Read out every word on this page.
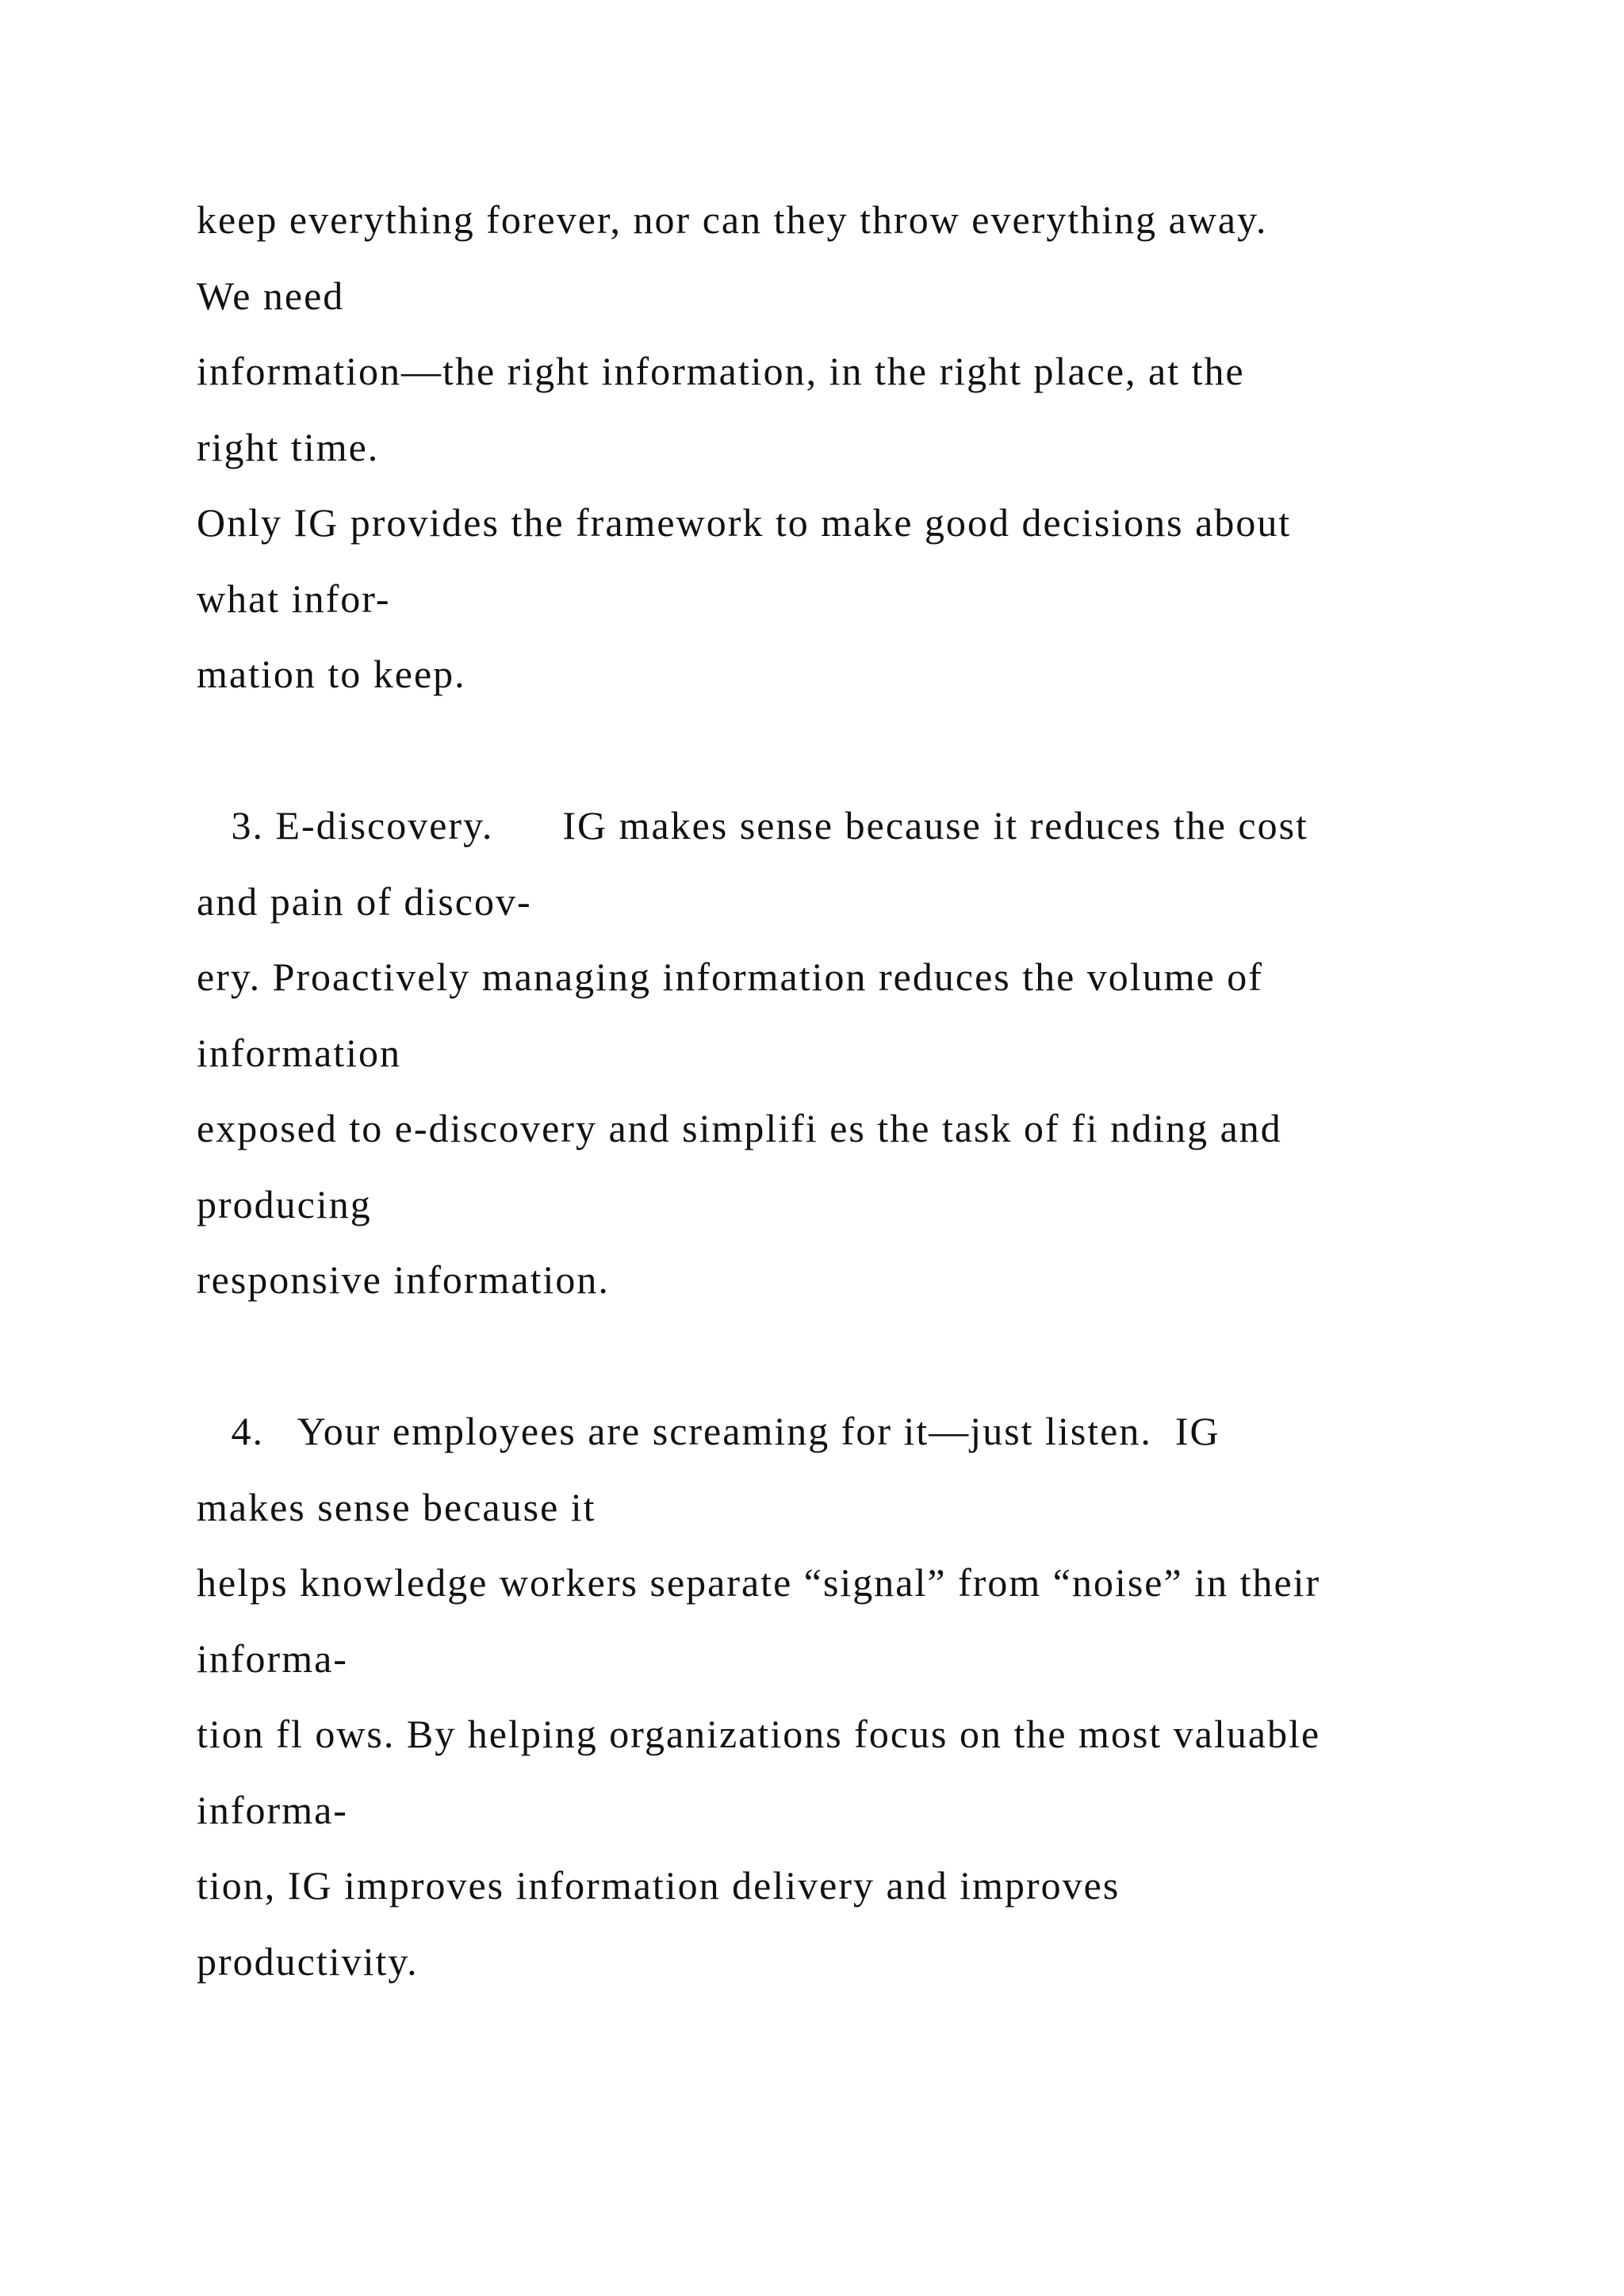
keep everything forever, nor can they throw everything away.
We need
information—the right information, in the right place, at the
right time.
Only IG provides the framework to make good decisions about
what infor-
mation to keep.
3. E-discovery.      IG makes sense because it reduces the cost
and pain of discov-
ery. Proactively managing information reduces the volume of
information
exposed to e-discovery and simplifi es the task of fi nding and
producing
responsive information.
4.   Your employees are screaming for it—just listen.  IG
makes sense because it
helps knowledge workers separate “signal” from “noise” in their
informa-
tion fl ows. By helping organizations focus on the most valuable
informa-
tion, IG improves information delivery and improves
productivity.
